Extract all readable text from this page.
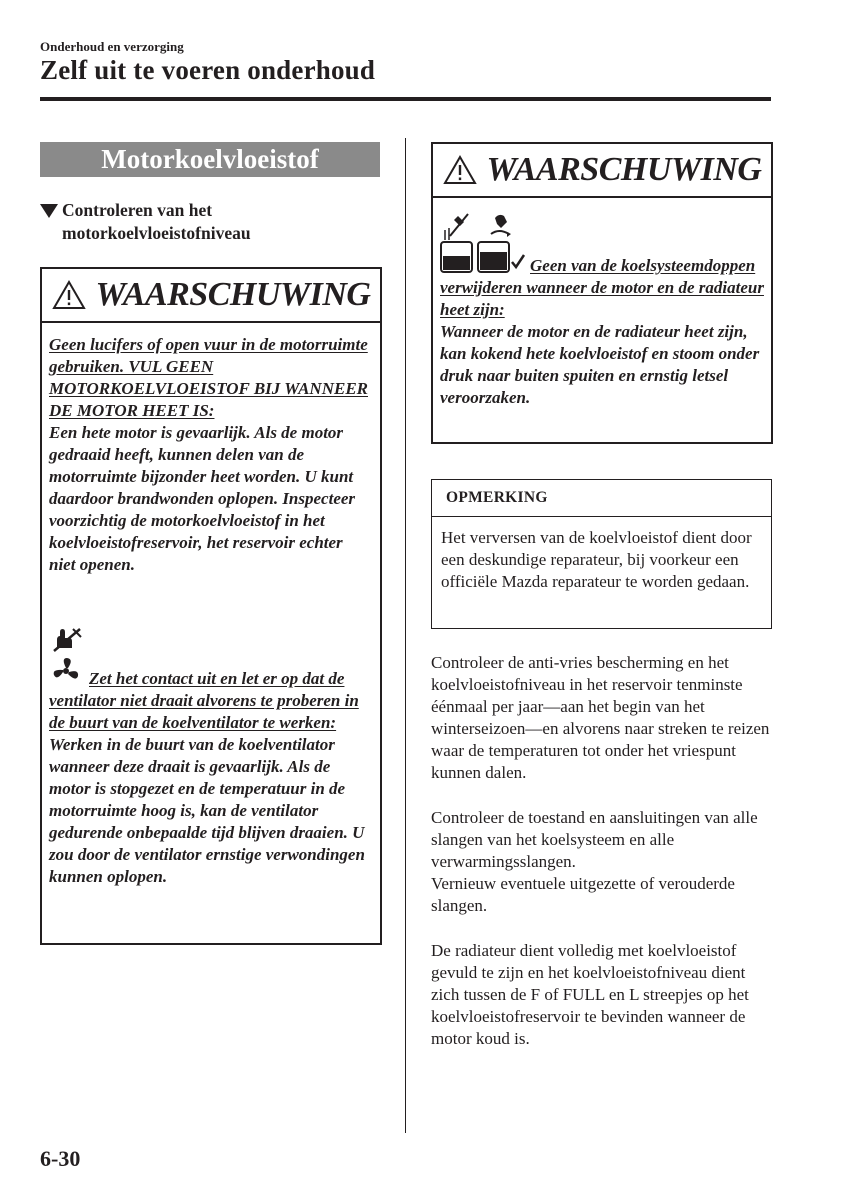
Onderhoud en verzorging
Zelf uit te voeren onderhoud
Motorkoelvloeistof
Controleren van het motorkoelvloeistofniveau
WAARSCHUWING
Geen lucifers of open vuur in de motorruimte gebruiken. VUL GEEN MOTORKOELVLOEISTOF BIJ WANNEER DE MOTOR HEET IS:
Een hete motor is gevaarlijk. Als de motor gedraaid heeft, kunnen delen van de motorruimte bijzonder heet worden. U kunt daardoor brandwonden oplopen. Inspecteer voorzichtig de motorkoelvloeistof in het koelvloeistofreservoir, het reservoir echter niet openen.
Zet het contact uit en let er op dat de ventilator niet draait alvorens te proberen in de buurt van de koelventilator te werken:
Werken in de buurt van de koelventilator wanneer deze draait is gevaarlijk. Als de motor is stopgezet en de temperatuur in de motorruimte hoog is, kan de ventilator gedurende onbepaalde tijd blijven draaien. U zou door de ventilator ernstige verwondingen kunnen oplopen.
WAARSCHUWING
Geen van de koelsysteemdoppen verwijderen wanneer de motor en de radiateur heet zijn:
Wanneer de motor en de radiateur heet zijn, kan kokend hete koelvloeistof en stoom onder druk naar buiten spuiten en ernstig letsel veroorzaken.
OPMERKING
Het verversen van de koelvloeistof dient door een deskundige reparateur, bij voorkeur een officiële Mazda reparateur te worden gedaan.
Controleer de anti-vries bescherming en het koelvloeistofniveau in het reservoir tenminste éénmaal per jaar—aan het begin van het winterseizoen—en alvorens naar streken te reizen waar de temperaturen tot onder het vriespunt kunnen dalen.
Controleer de toestand en aansluitingen van alle slangen van het koelsysteem en alle verwarmingsslangen.
Vernieuw eventuele uitgezette of verouderde slangen.
De radiateur dient volledig met koelvloeistof gevuld te zijn en het koelvloeistofniveau dient zich tussen de F of FULL en L streepjes op het koelvloeistofreservoir te bevinden wanneer de motor koud is.
6-30
